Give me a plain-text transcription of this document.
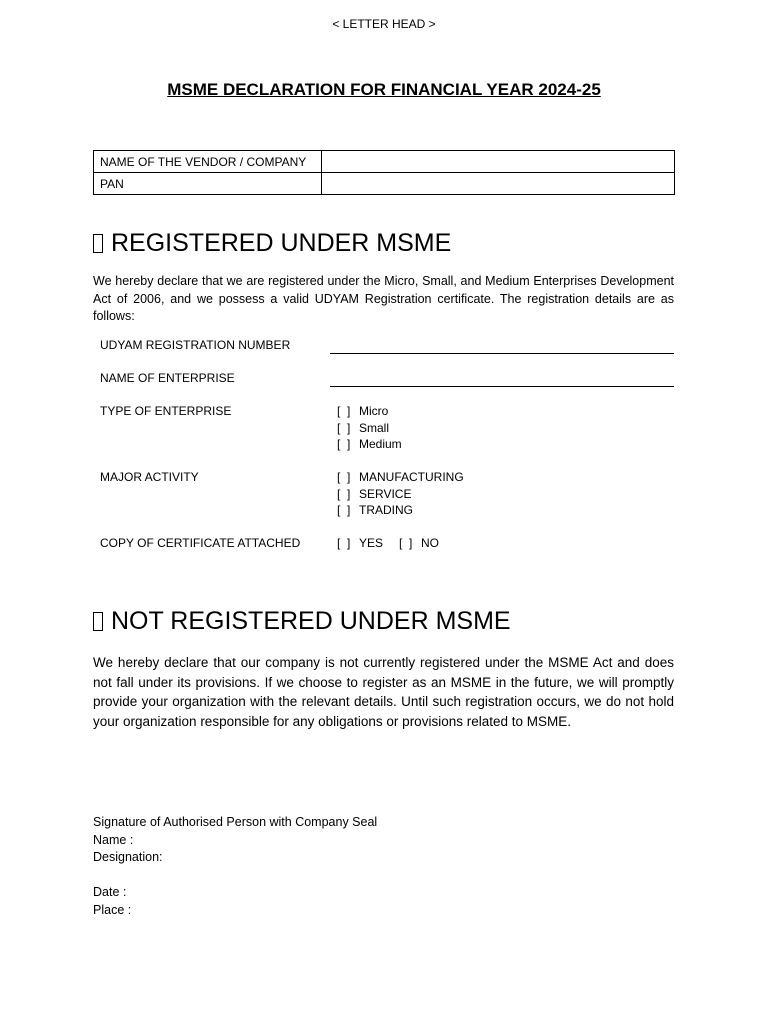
< LETTER HEAD >
MSME DECLARATION FOR FINANCIAL YEAR 2024-25
NAME OF THE VENDOR / COMPANY	
PAN	
REGISTERED UNDER MSME

We hereby declare that we are registered under the Micro, Small, and Medium Enterprises Development Act of 2006, and we possess a valid UDYAM Registration certificate. The registration details are as follows:

UDYAM REGISTRATION NUMBER
NAME OF ENTERPRISE
TYPE OF ENTERPRISE	[  ] Micro
[  ] Small
[  ] Medium
MAJOR ACTIVITY	[  ] MANUFACTURING
[  ] SERVICE
[  ] TRADING
COPY OF CERTIFICATE ATTACHED	[  ] YES [  ] NO
NOT REGISTERED UNDER MSME

We hereby declare that our company is not currently registered under the MSME Act and does not fall under its provisions. If we choose to register as an MSME in the future, we will promptly provide your organization with the relevant details. Until such registration occurs, we do not hold your organization responsible for any obligations or provisions related to MSME.

Signature of Authorised Person with Company Seal
Name :
Designation:
Date :
Place :
